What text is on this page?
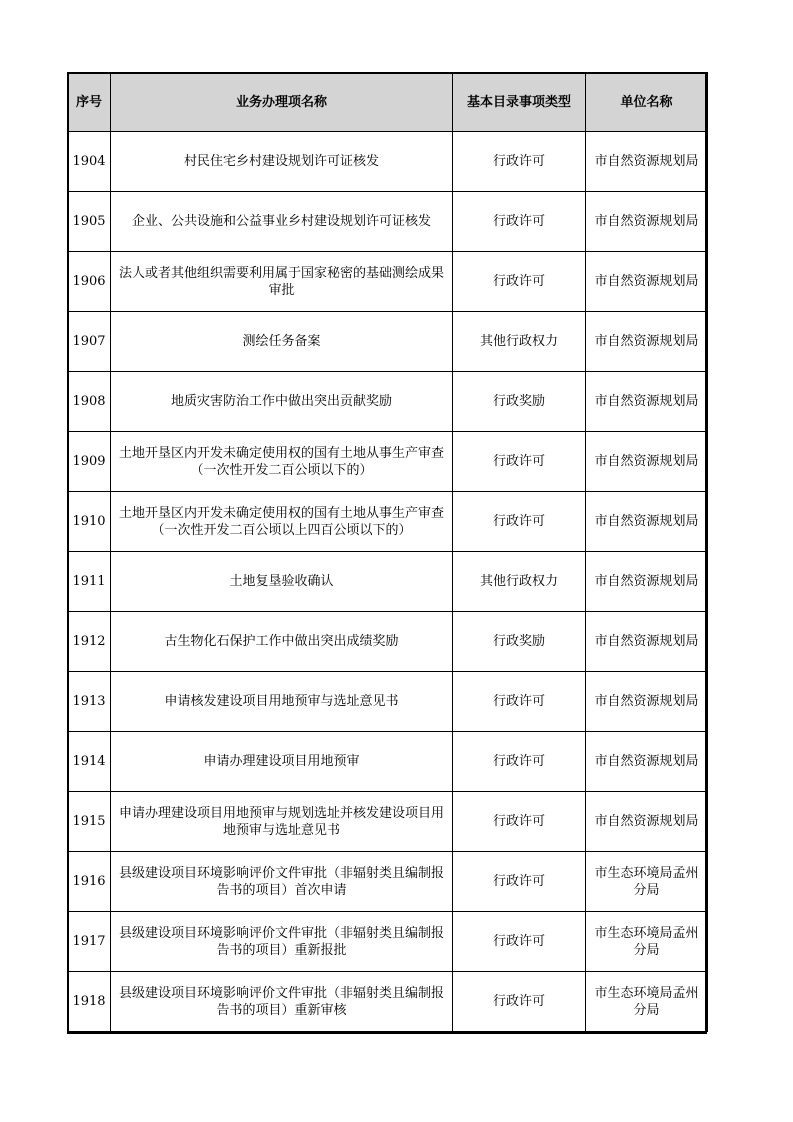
序号	业务办理项名称	基本目录事项类型	单位名称
1904	村民住宅乡村建设规划许可证核发	行政许可	市自然资源规划局
1905	企业、公共设施和公益事业乡村建设规划许可证核发	行政许可	市自然资源规划局
1906	法人或者其他组织需要利用属于国家秘密的基础测绘成果审批	行政许可	市自然资源规划局
1907	测绘任务备案	其他行政权力	市自然资源规划局
1908	地质灾害防治工作中做出突出贡献奖励	行政奖励	市自然资源规划局
1909	土地开垦区内开发未确定使用权的国有土地从事生产审查（一次性开发二百公顷以下的）	行政许可	市自然资源规划局
1910	土地开垦区内开发未确定使用权的国有土地从事生产审查（一次性开发二百公顷以上四百公顷以下的）	行政许可	市自然资源规划局
1911	土地复垦验收确认	其他行政权力	市自然资源规划局
1912	古生物化石保护工作中做出突出成绩奖励	行政奖励	市自然资源规划局
1913	申请核发建设项目用地预审与选址意见书	行政许可	市自然资源规划局
1914	申请办理建设项目用地预审	行政许可	市自然资源规划局
1915	申请办理建设项目用地预审与规划选址并核发建设项目用地预审与选址意见书	行政许可	市自然资源规划局
1916	县级建设项目环境影响评价文件审批（非辐射类且编制报告书的项目）首次申请	行政许可	市生态环境局孟州分局
1917	县级建设项目环境影响评价文件审批（非辐射类且编制报告书的项目）重新报批	行政许可	市生态环境局孟州分局
1918	县级建设项目环境影响评价文件审批（非辐射类且编制报告书的项目）重新审核	行政许可	市生态环境局孟州分局
